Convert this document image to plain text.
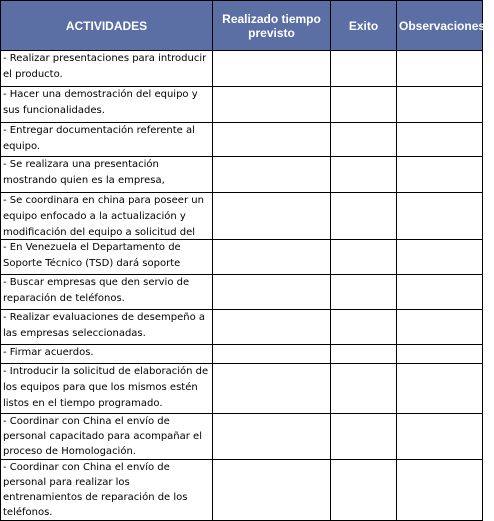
ACTIVIDADES	Realizado tiempo previsto	Exito	Observaciones

- Realizar presentaciones para introducir el producto.			

- Hacer una demostración del equipo y sus funcionalidades.			

- Entregar documentación referente al equipo.			

- Se realizara una presentación mostrando quien es la empresa,			

- Se coordinara en china para poseer un equipo enfocado a la actualización y modificación del equipo a solicitud del			

- En Venezuela el Departamento de Soporte Técnico (TSD) dará soporte			

- Buscar empresas que den servio de reparación de teléfonos.			

- Realizar evaluaciones de desempeño a las empresas seleccionadas.			

- Firmar acuerdos.			

- Introducir la solicitud de elaboración de los equipos para que los mismos estén listos en el tiempo programado.			

- Coordinar con China el envío de personal capacitado para acompañar el proceso de Homologación.			

- Coordinar con China el envío de personal para realizar los entrenamientos de reparación de los teléfonos.			
